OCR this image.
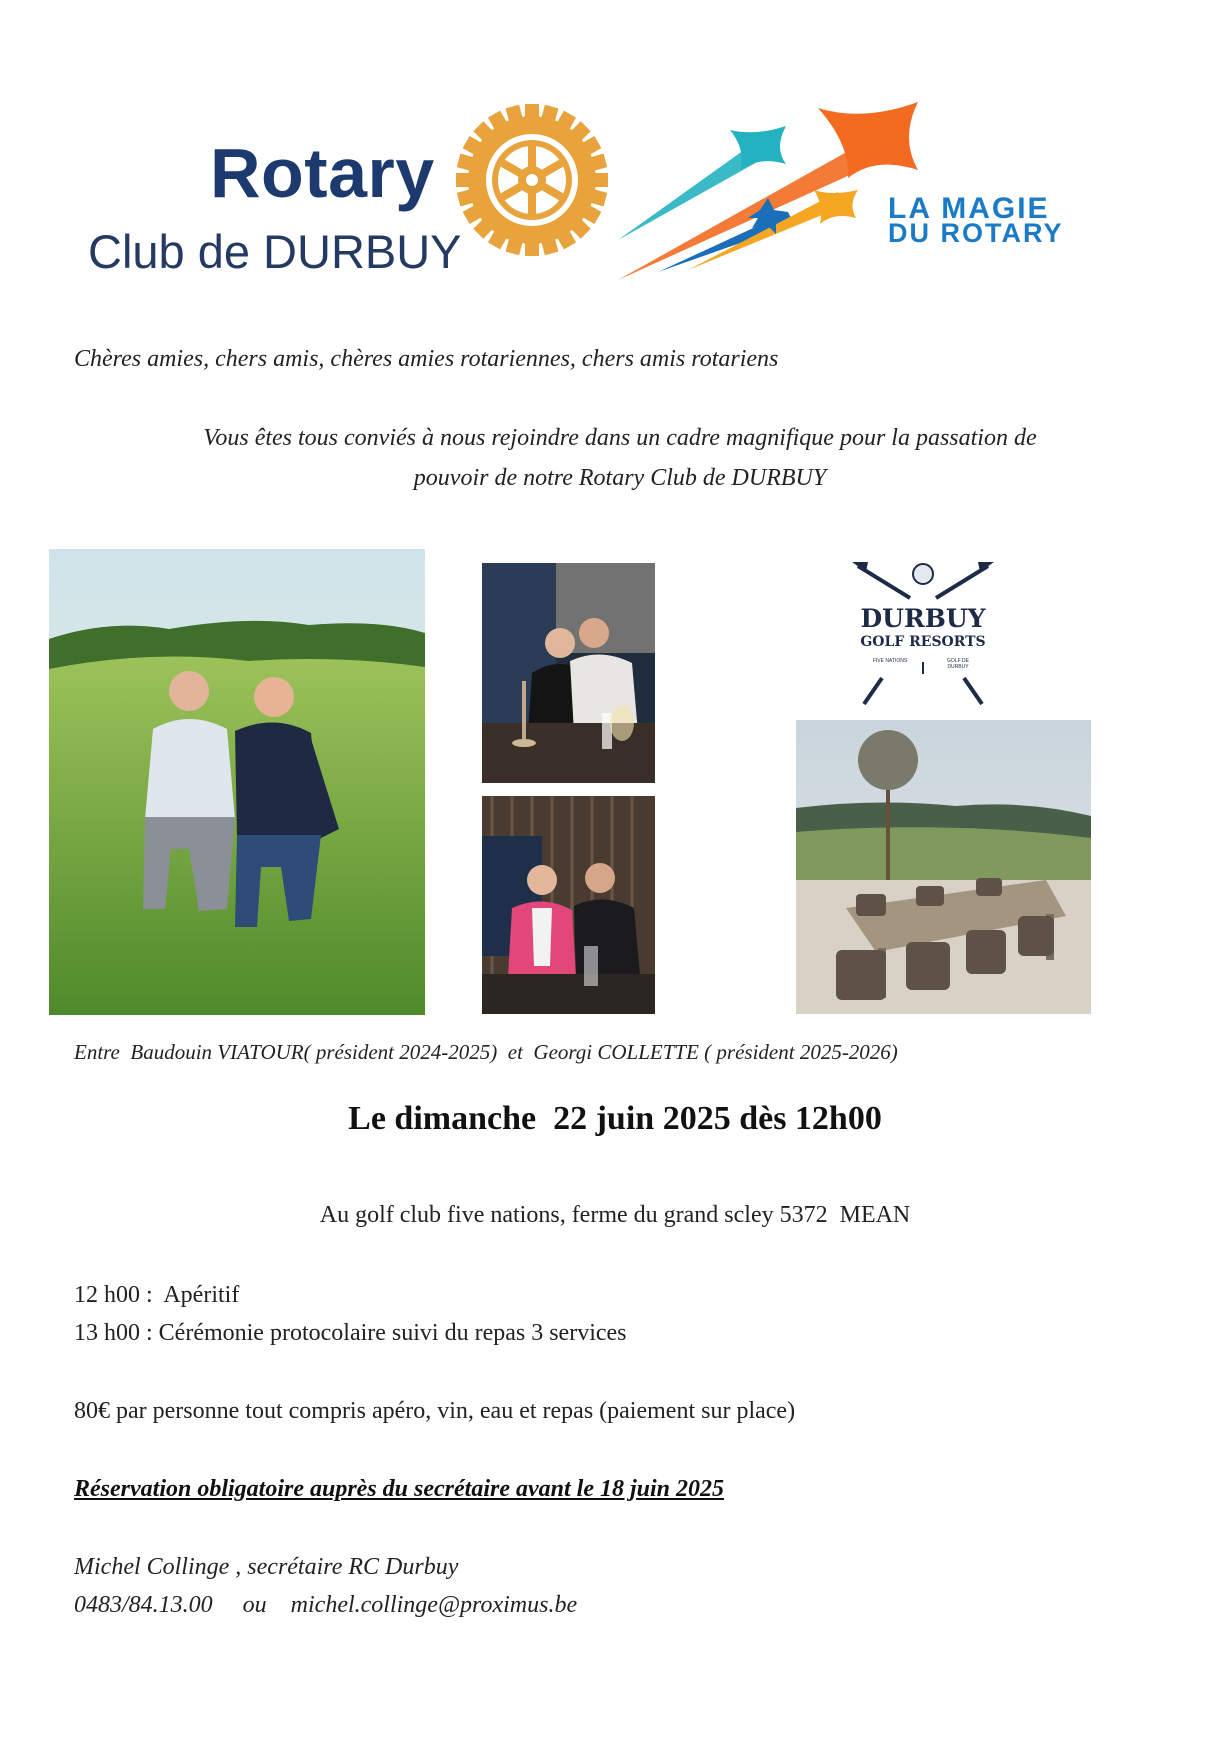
Rotary
Club de DURBUY
LA MAGIE
DU ROTARY
Chères amies, chers amis, chères amies rotariennes, chers amis rotariens
Vous êtes tous conviés à nous rejoindre dans un cadre magnifique pour la passation de
pouvoir de notre Rotary Club de DURBUY
DURBUY
GOLF RESORTS
FIVE NATIONS	GOLF DE DURBUY
Entre  Baudouin VIATOUR( président 2024-2025)  et  Georgi COLLETTE ( président 2025-2026)
Le dimanche  22 juin 2025 dès 12h00
Au golf club five nations, ferme du grand scley 5372  MEAN
12 h00 :  Apéritif
13 h00 : Cérémonie protocolaire suivi du repas 3 services
80€ par personne tout compris apéro, vin, eau et repas (paiement sur place)
Réservation obligatoire auprès du secrétaire avant le 18 juin 2025
Michel Collinge , secrétaire RC Durbuy
0483/84.13.00     ou    michel.collinge@proximus.be
